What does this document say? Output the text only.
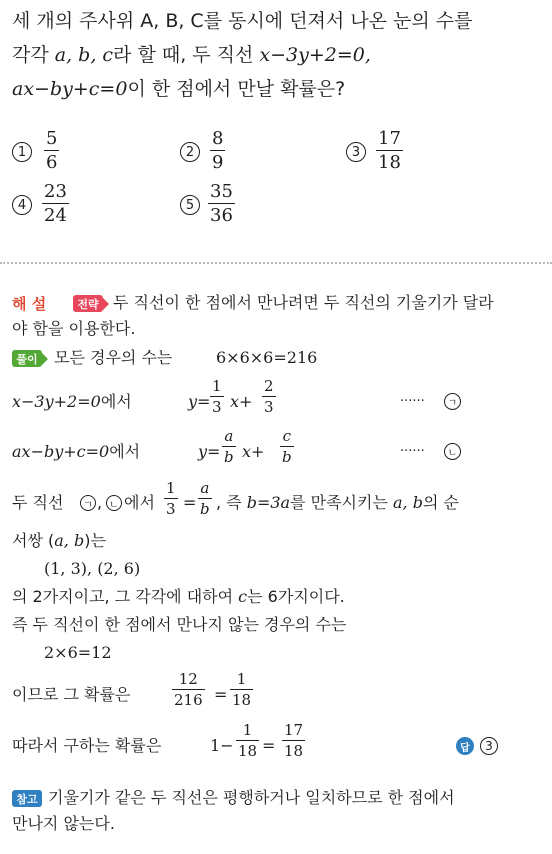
세 개의 주사위 A, B, C를 동시에 던져서 나온 눈의 수를
각각 a, b, c라 할 때, 두 직선 x−3y+2=0,
ax−by+c=0이 한 점에서 만날 확률은?
1
5
6
2
8
9
3
17
18
4
23
24
5
35
36
해 설	전략 두 직선이 한 점에서 만나려면 두 직선의 기울기가 달라
야 함을 이용한다.
풀이 모든 경우의 수는	6×6×6=216
x−3y+2=0에서	y=
1
3 x+
2
3	······	ㄱ
ax−by+c=0에서	y=
a
b x+
c
b	······	ㄴ
두 직선	ㄱ , ㄴ 에서
1
3 =
a
b , 즉 b=3a를 만족시키는 a, b의 순
서쌍 (a, b)는
(1, 3), (2, 6)
의 2가지이고, 그 각각에 대하여 c는 6가지이다.
즉 두 직선이 한 점에서 만나지 않는 경우의 수는
2×6=12
이므로 그 확률은
12
216 =
1
18
따라서 구하는 확률은	1−
1
18 =
17
18	답	3
참고 기울기가 같은 두 직선은 평행하거나 일치하므로 한 점에서
만나지 않는다.
